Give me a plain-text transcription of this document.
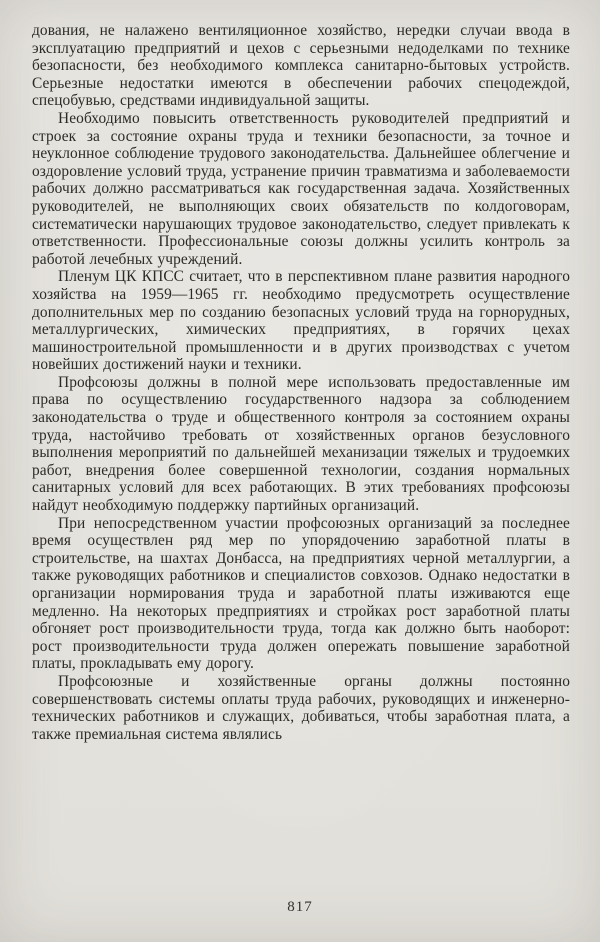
дования, не налажено вентиляционное хозяйство, нередки случаи ввода в эксплуатацию предприятий и цехов с серьезными недоделками по технике безопасности, без необходимого комплекса санитарно-бытовых устройств. Серьезные недостатки имеются в обеспечении рабочих спецодеждой, спецобувью, средствами индивидуальной защиты.

Необходимо повысить ответственность руководителей предприятий и строек за состояние охраны труда и техники безопасности, за точное и неуклонное соблюдение трудового законодательства. Дальнейшее облегчение и оздоровление условий труда, устранение причин травматизма и заболеваемости рабочих должно рассматриваться как государственная задача. Хозяйственных руководителей, не выполняющих своих обязательств по колдоговорам, систематически нарушающих трудовое законодательство, следует привлекать к ответственности. Профессиональные союзы должны усилить контроль за работой лечебных учреждений.

Пленум ЦК КПСС считает, что в перспективном плане развития народного хозяйства на 1959—1965 гг. необходимо предусмотреть осуществление дополнительных мер по созданию безопасных условий труда на горнорудных, металлургических, химических предприятиях, в горячих цехах машиностроительной промышленности и в других производствах с учетом новейших достижений науки и техники.

Профсоюзы должны в полной мере использовать предоставленные им права по осуществлению государственного надзора за соблюдением законодательства о труде и общественного контроля за состоянием охраны труда, настойчиво требовать от хозяйственных органов безусловного выполнения мероприятий по дальнейшей механизации тяжелых и трудоемких работ, внедрения более совершенной технологии, создания нормальных санитарных условий для всех работающих. В этих требованиях профсоюзы найдут необходимую поддержку партийных организаций.

При непосредственном участии профсоюзных организаций за последнее время осуществлен ряд мер по упорядочению заработной платы в строительстве, на шахтах Донбасса, на предприятиях черной металлургии, а также руководящих работников и специалистов совхозов. Однако недостатки в организации нормирования труда и заработной платы изживаются еще медленно. На некоторых предприятиях и стройках рост заработной платы обгоняет рост производительности труда, тогда как должно быть наоборот: рост производительности труда должен опережать повышение заработной платы, прокладывать ему дорогу.

Профсоюзные и хозяйственные органы должны постоянно совершенствовать системы оплаты труда рабочих, руководящих и инженерно-технических работников и служащих, добиваться, чтобы заработная плата, а также премиальная система являлись

817
